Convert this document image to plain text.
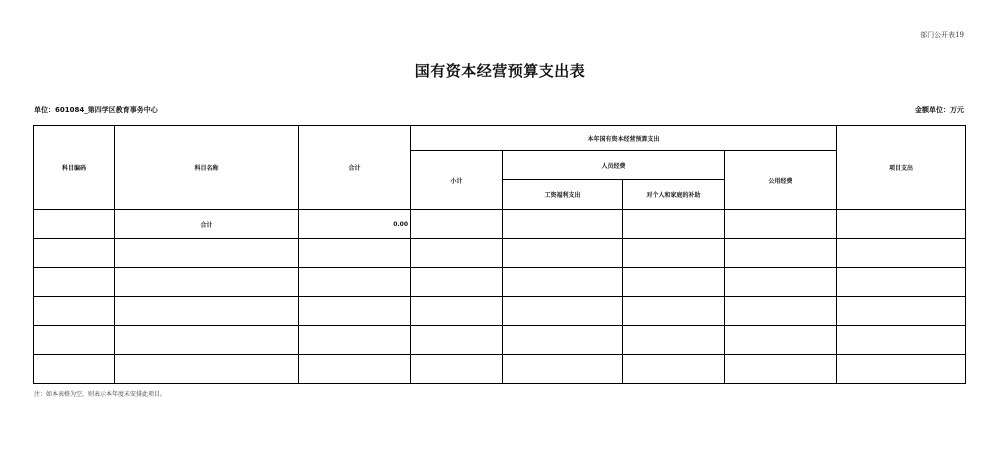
部门公开表19
国有资本经营预算支出表
单位：601084_第四学区教育事务中心	金额单位：万元
科目编码	科目名称	合计	本年国有资本经营预算支出				项目支出
			小计	人员经费		公用经费	
				工资福利支出	对个人和家庭的补助		
	合计	0.00					

注：如本表格为空，则表示本年度未安排此项目。
